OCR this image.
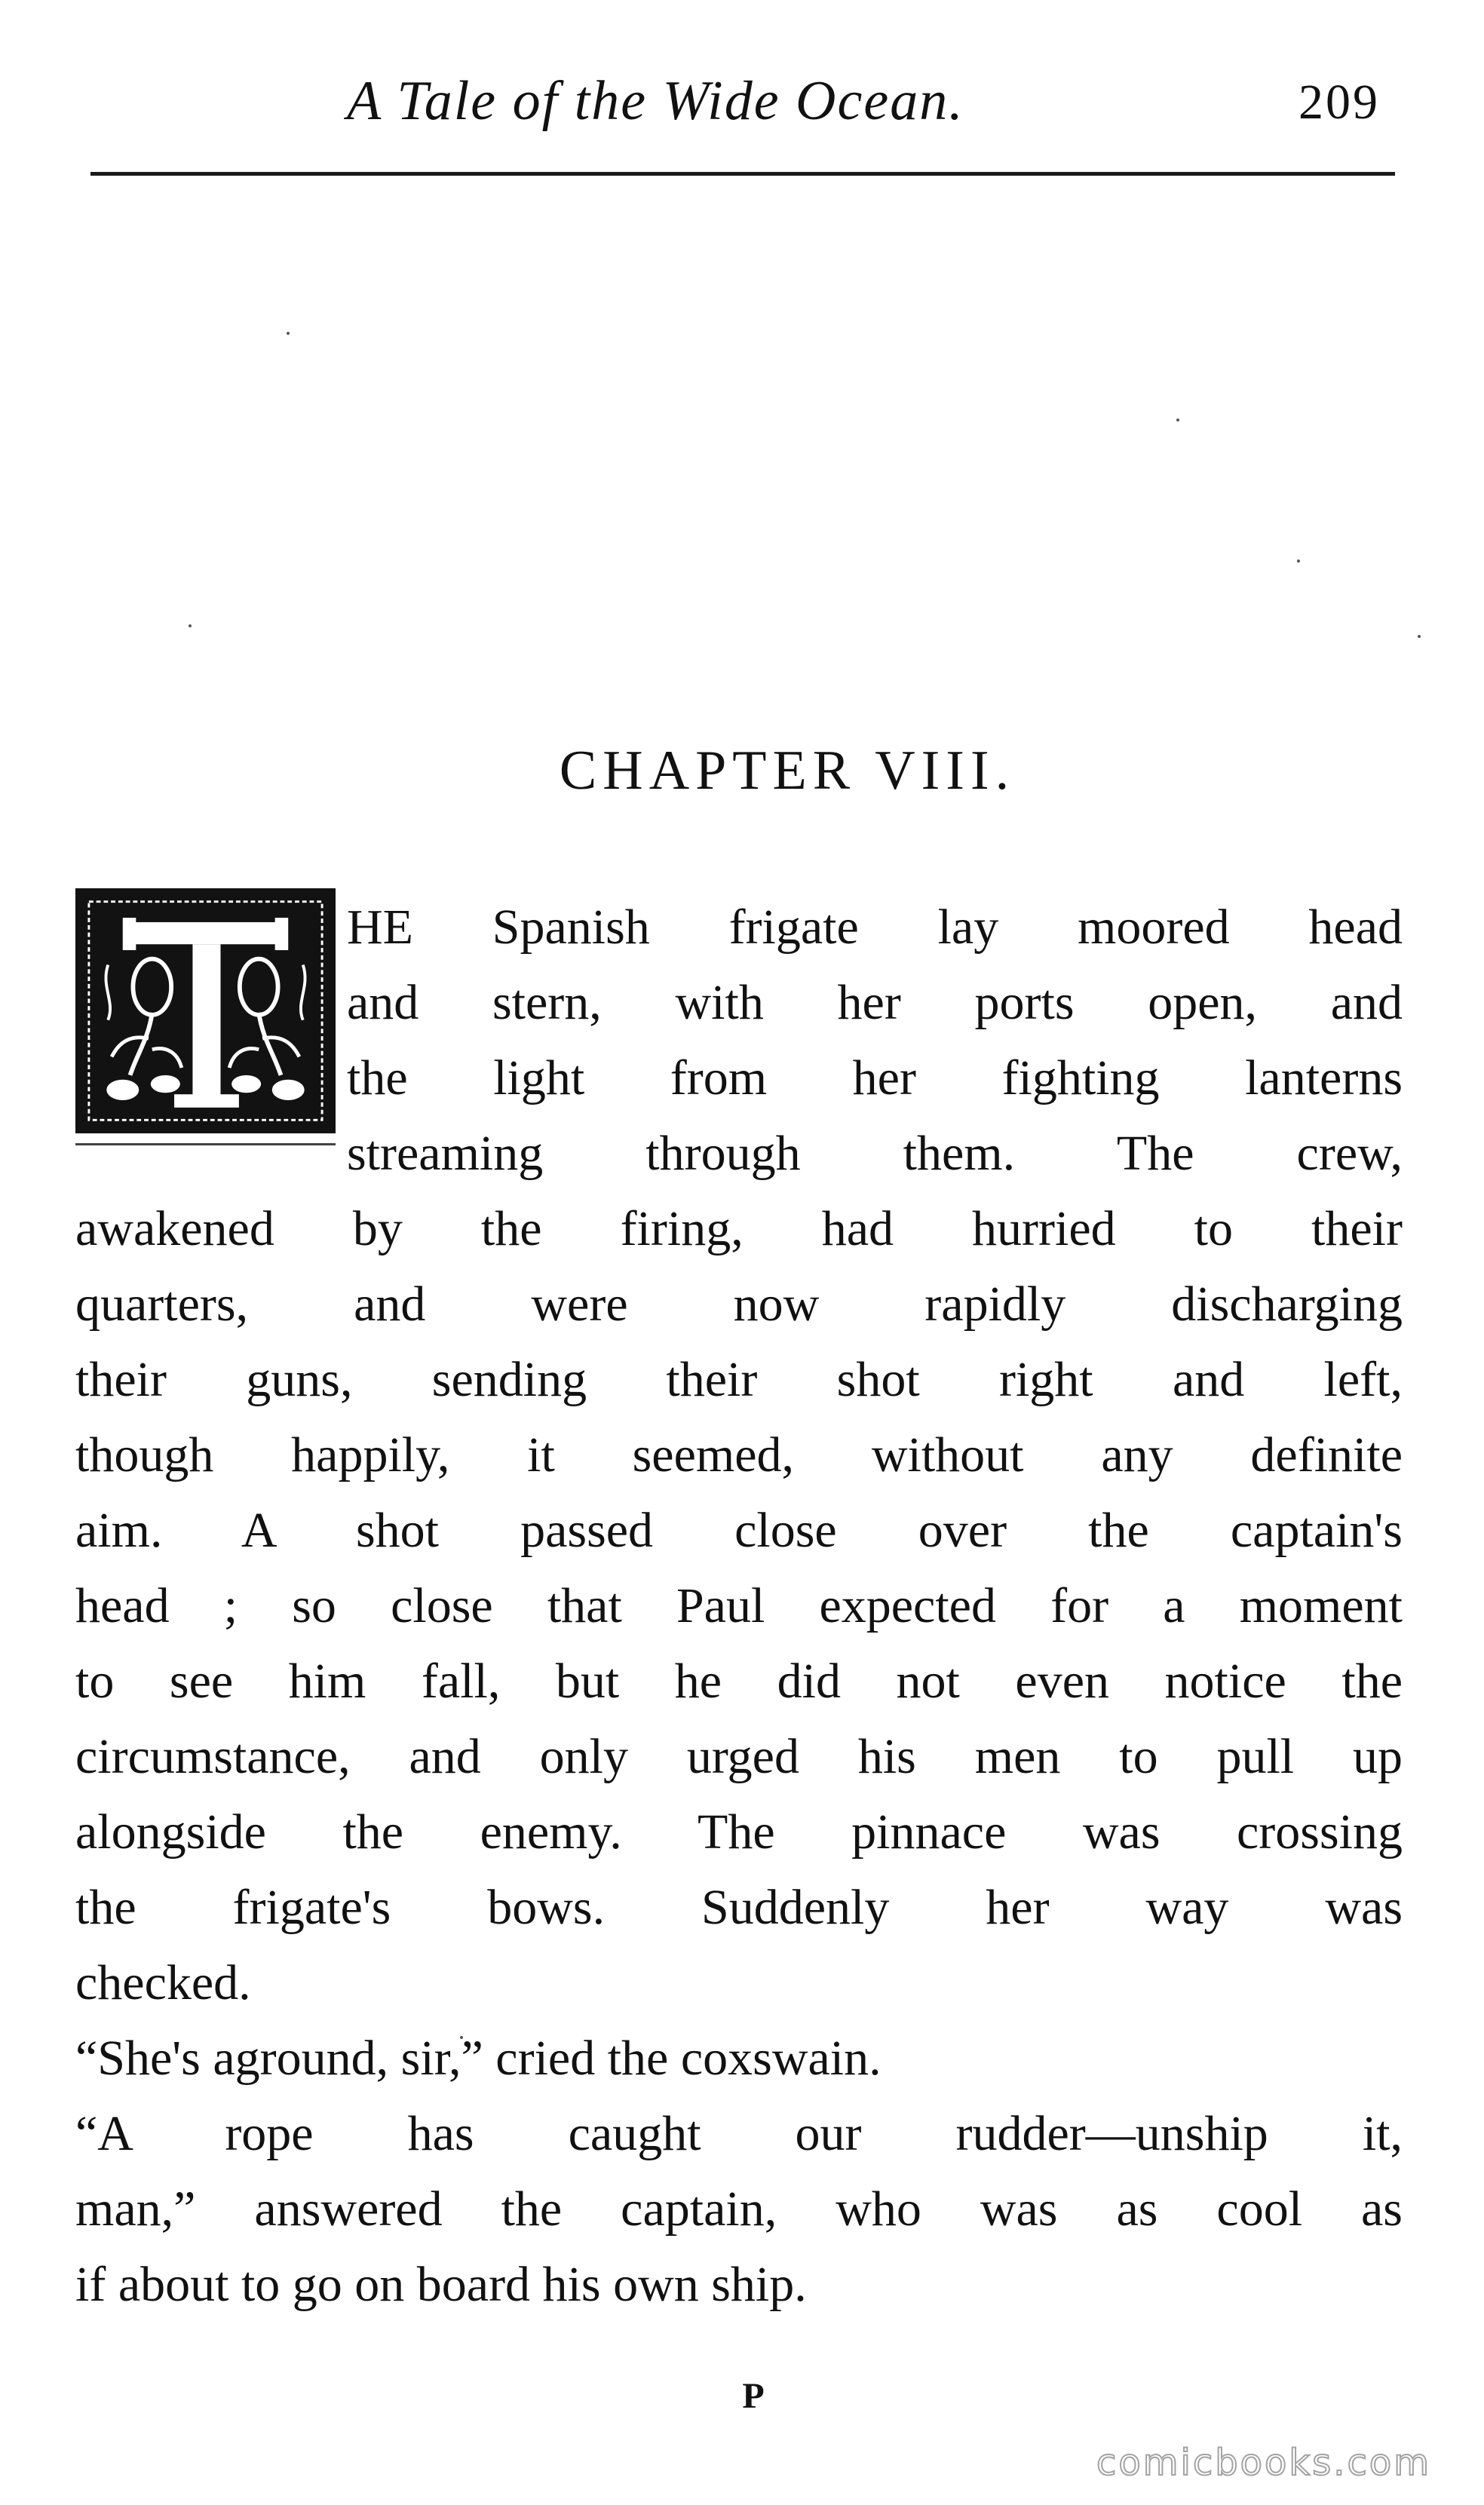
A Tale of the Wide Ocean.	209
CHAPTER VIII.
HE Spanish frigate lay moored head
and stern, with her ports open, and
the light from her fighting lanterns
streaming through them. The crew,
awakened by the firing, had hurried to their
quarters, and were now rapidly discharging
their guns, sending their shot right and left,
though happily, it seemed, without any definite
aim. A shot passed close over the captain's
head ; so close that Paul expected for a moment
to see him fall, but he did not even notice the
circumstance, and only urged his men to pull up
alongside the enemy. The pinnace was crossing
the frigate's bows. Suddenly her way was
checked.
“She's aground, sir,” cried the coxswain.
“A rope has caught our rudder—unship it,
man,” answered the captain, who was as cool as
if about to go on board his own ship.
P
comicbooks.com
